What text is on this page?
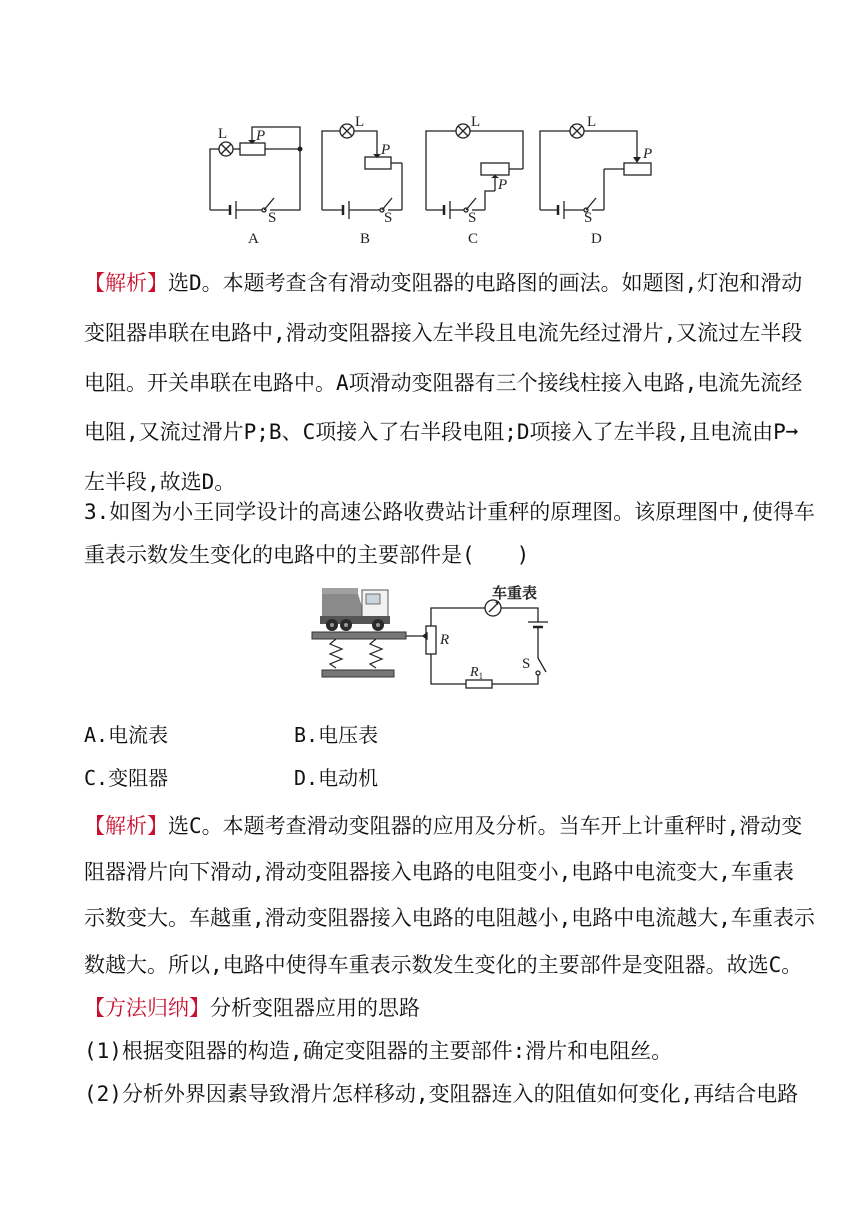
L P
S
A
L
P
S
B
L
P
S
C
L
P
S
D
【解析】选D。本题考查含有滑动变阻器的电路图的画法。如题图,灯泡和滑动
变阻器串联在电路中,滑动变阻器接入左半段且电流先经过滑片,又流过左半段
电阻。开关串联在电路中。A项滑动变阻器有三个接线柱接入电路,电流先流经
电阻,又流过滑片P;B、C项接入了右半段电阻;D项接入了左半段,且电流由P➞
左半段,故选D。
3.如图为小王同学设计的高速公路收费站计重秤的原理图。该原理图中,使得车
重表示数发生变化的电路中的主要部件是(　　)
车重表
R
$R_1$
S
A.电流表	B.电压表
C.变阻器	D.电动机
【解析】选C。本题考查滑动变阻器的应用及分析。当车开上计重秤时,滑动变
阻器滑片向下滑动,滑动变阻器接入电路的电阻变小,电路中电流变大,车重表
示数变大。车越重,滑动变阻器接入电路的电阻越小,电路中电流越大,车重表示
数越大。所以,电路中使得车重表示数发生变化的主要部件是变阻器。故选C。
【方法归纳】分析变阻器应用的思路
(1)根据变阻器的构造,确定变阻器的主要部件:滑片和电阻丝。
(2)分析外界因素导致滑片怎样移动,变阻器连入的阻值如何变化,再结合电路
